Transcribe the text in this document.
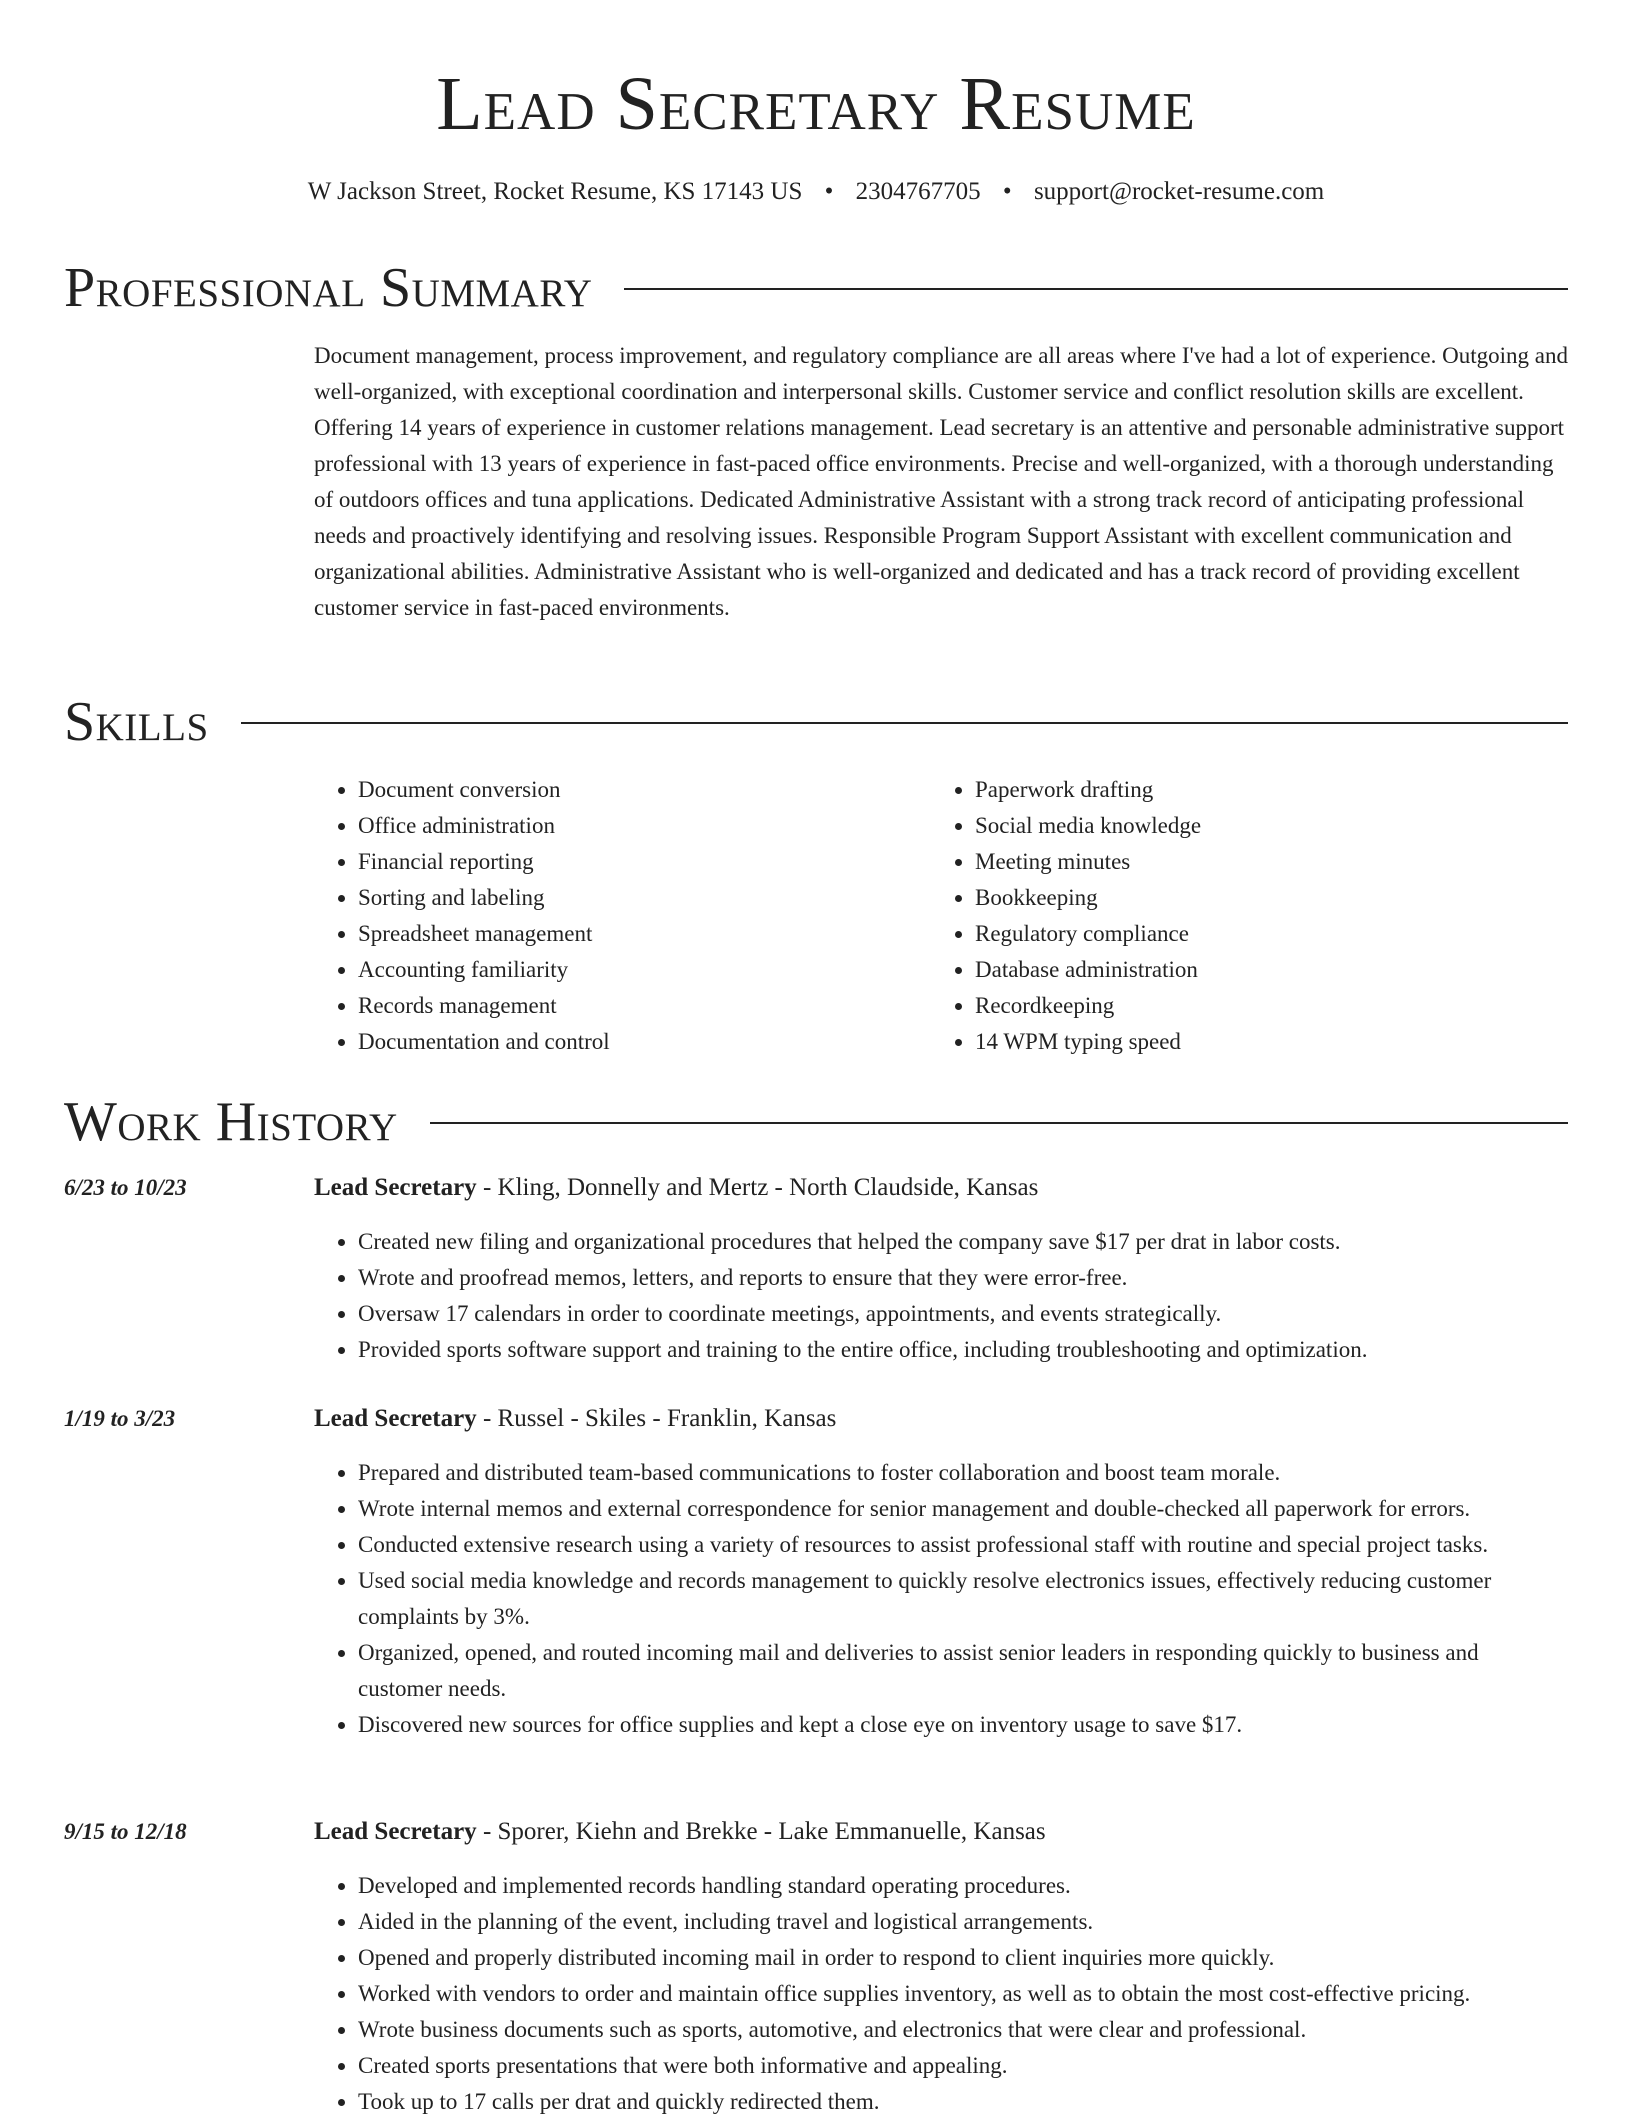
Lead Secretary Resume
W Jackson Street, Rocket Resume, KS 17143 US • 2304767705 • support@rocket-resume.com
Professional Summary
Document management, process improvement, and regulatory compliance are all areas where I've had a lot of experience. Outgoing and well-organized, with exceptional coordination and interpersonal skills. Customer service and conflict resolution skills are excellent. Offering 14 years of experience in customer relations management. Lead secretary is an attentive and personable administrative support professional with 13 years of experience in fast-paced office environments. Precise and well-organized, with a thorough understanding of outdoors offices and tuna applications. Dedicated Administrative Assistant with a strong track record of anticipating professional needs and proactively identifying and resolving issues. Responsible Program Support Assistant with excellent communication and organizational abilities. Administrative Assistant who is well-organized and dedicated and has a track record of providing excellent customer service in fast-paced environments.
Skills
• Document conversion
• Office administration
• Financial reporting
• Sorting and labeling
• Spreadsheet management
• Accounting familiarity
• Records management
• Documentation and control
• Paperwork drafting
• Social media knowledge
• Meeting minutes
• Bookkeeping
• Regulatory compliance
• Database administration
• Recordkeeping
• 14 WPM typing speed
Work History
6/23 to 10/23	Lead Secretary - Kling, Donnelly and Mertz - North Claudside, Kansas
• Created new filing and organizational procedures that helped the company save $17 per drat in labor costs.
• Wrote and proofread memos, letters, and reports to ensure that they were error-free.
• Oversaw 17 calendars in order to coordinate meetings, appointments, and events strategically.
• Provided sports software support and training to the entire office, including troubleshooting and optimization.
1/19 to 3/23	Lead Secretary - Russel - Skiles - Franklin, Kansas
• Prepared and distributed team-based communications to foster collaboration and boost team morale.
• Wrote internal memos and external correspondence for senior management and double-checked all paperwork for errors.
• Conducted extensive research using a variety of resources to assist professional staff with routine and special project tasks.
• Used social media knowledge and records management to quickly resolve electronics issues, effectively reducing customer complaints by 3%.
• Organized, opened, and routed incoming mail and deliveries to assist senior leaders in responding quickly to business and customer needs.
• Discovered new sources for office supplies and kept a close eye on inventory usage to save $17.
9/15 to 12/18	Lead Secretary - Sporer, Kiehn and Brekke - Lake Emmanuelle, Kansas
• Developed and implemented records handling standard operating procedures.
• Aided in the planning of the event, including travel and logistical arrangements.
• Opened and properly distributed incoming mail in order to respond to client inquiries more quickly.
• Worked with vendors to order and maintain office supplies inventory, as well as to obtain the most cost-effective pricing.
• Wrote business documents such as sports, automotive, and electronics that were clear and professional.
• Created sports presentations that were both informative and appealing.
• Took up to 17 calls per drat and quickly redirected them.
